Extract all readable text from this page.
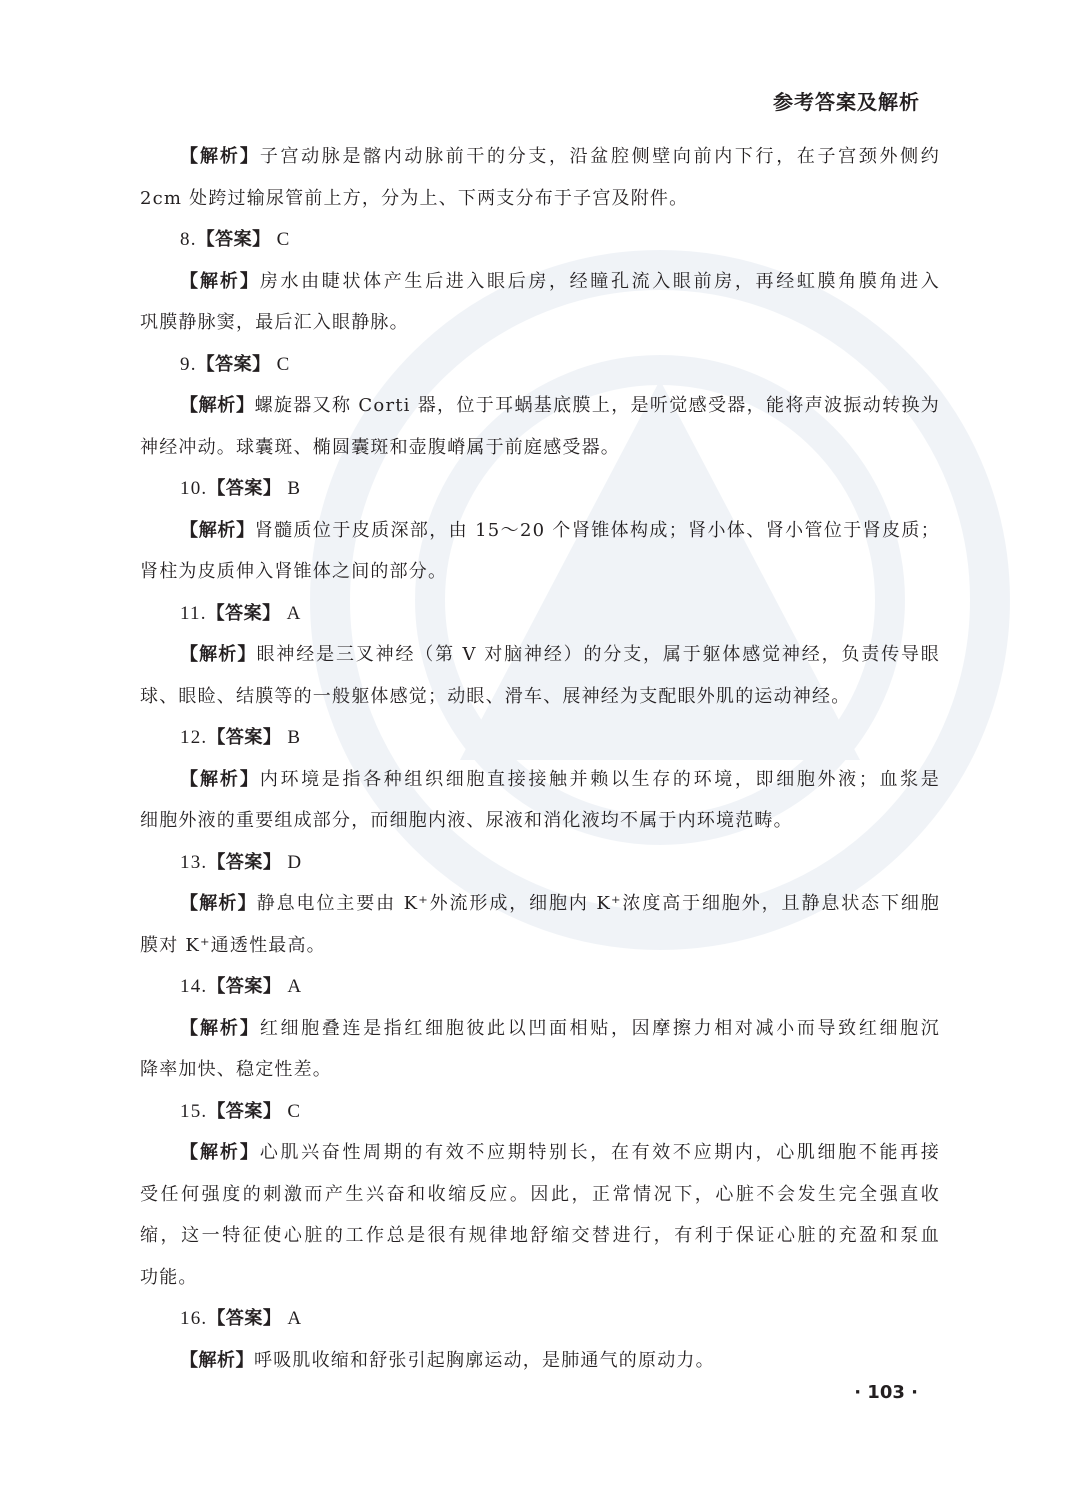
参考答案及解析
【解析】子宫动脉是髂内动脉前干的分支，沿盆腔侧壁向前内下行，在子宫颈外侧约
2cm 处跨过输尿管前上方，分为上、下两支分布于子宫及附件。
8.【答案】 C
【解析】房水由睫状体产生后进入眼后房，经瞳孔流入眼前房，再经虹膜角膜角进入
巩膜静脉窦，最后汇入眼静脉。
9.【答案】 C
【解析】螺旋器又称 Corti 器，位于耳蜗基底膜上，是听觉感受器，能将声波振动转换为
神经冲动。球囊斑、椭圆囊斑和壶腹嵴属于前庭感受器。
10.【答案】 B
【解析】肾髓质位于皮质深部，由 15～20 个肾锥体构成；肾小体、肾小管位于肾皮质；
肾柱为皮质伸入肾锥体之间的部分。
11.【答案】 A
【解析】眼神经是三叉神经（第 V 对脑神经）的分支，属于躯体感觉神经，负责传导眼
球、眼睑、结膜等的一般躯体感觉；动眼、滑车、展神经为支配眼外肌的运动神经。
12.【答案】 B
【解析】内环境是指各种组织细胞直接接触并赖以生存的环境，即细胞外液；血浆是
细胞外液的重要组成部分，而细胞内液、尿液和消化液均不属于内环境范畴。
13.【答案】 D
【解析】静息电位主要由 K⁺外流形成，细胞内 K⁺浓度高于细胞外，且静息状态下细胞
膜对 K⁺通透性最高。
14.【答案】 A
【解析】红细胞叠连是指红细胞彼此以凹面相贴，因摩擦力相对减小而导致红细胞沉
降率加快、稳定性差。
15.【答案】 C
【解析】心肌兴奋性周期的有效不应期特别长，在有效不应期内，心肌细胞不能再接
受任何强度的刺激而产生兴奋和收缩反应。因此，正常情况下，心脏不会发生完全强直收
缩，这一特征使心脏的工作总是很有规律地舒缩交替进行，有利于保证心脏的充盈和泵血
功能。
16.【答案】 A
【解析】呼吸肌收缩和舒张引起胸廓运动，是肺通气的原动力。
· 103 ·
